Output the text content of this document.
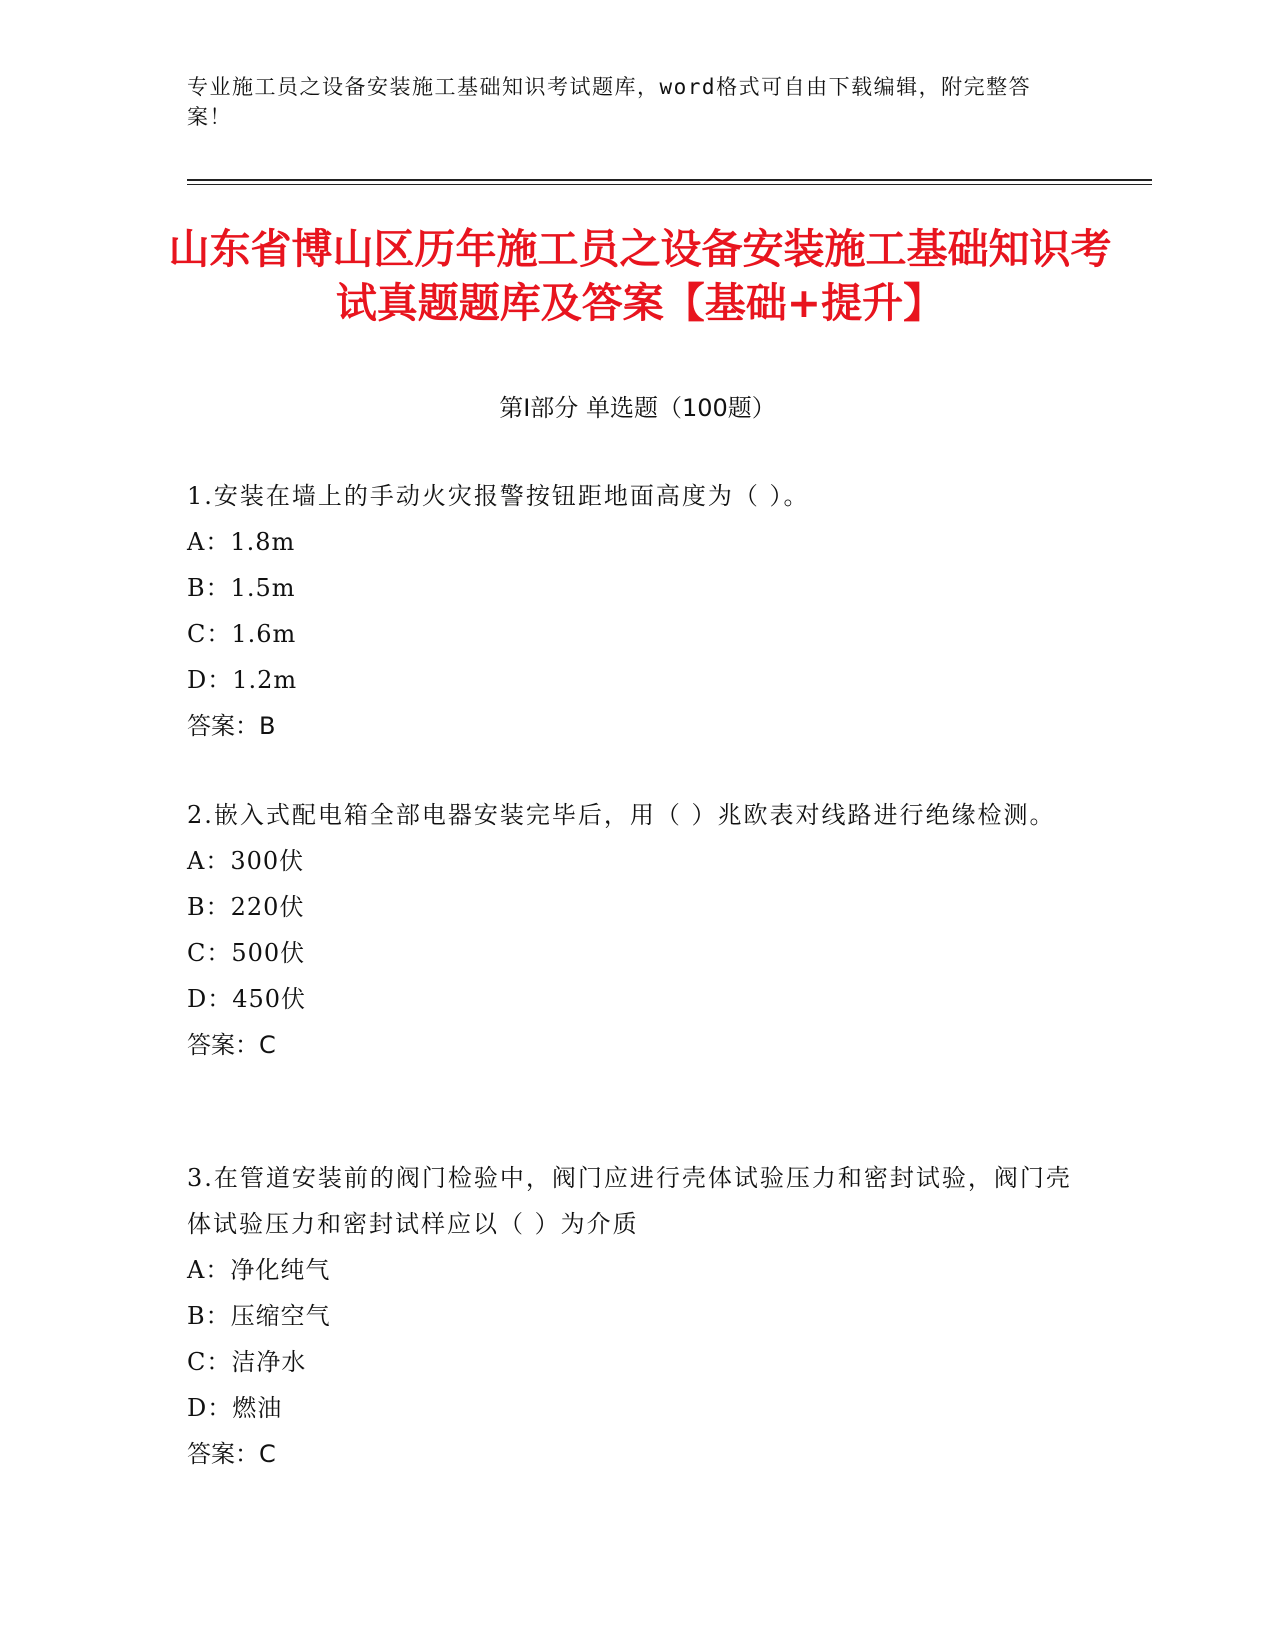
专业施工员之设备安装施工基础知识考试题库，word格式可自由下载编辑，附完整答案！
山东省博山区历年施工员之设备安装施工基础知识考试真题题库及答案【基础+提升】
第I部分 单选题（100题）

1.安装在墙上的手动火灾报警按钮距地面高度为（ ）。

A：1.8m

B：1.5m

C：1.6m

D：1.2m

答案：B

2.嵌入式配电箱全部电器安装完毕后，用（ ）兆欧表对线路进行绝缘检测。

A：300伏

B：220伏

C：500伏

D：450伏

答案：C

3.在管道安装前的阀门检验中，阀门应进行壳体试验压力和密封试验，阀门壳体试验压力和密封试样应以（ ）为介质

A：净化纯气

B：压缩空气

C：洁净水

D：燃油

答案：C
